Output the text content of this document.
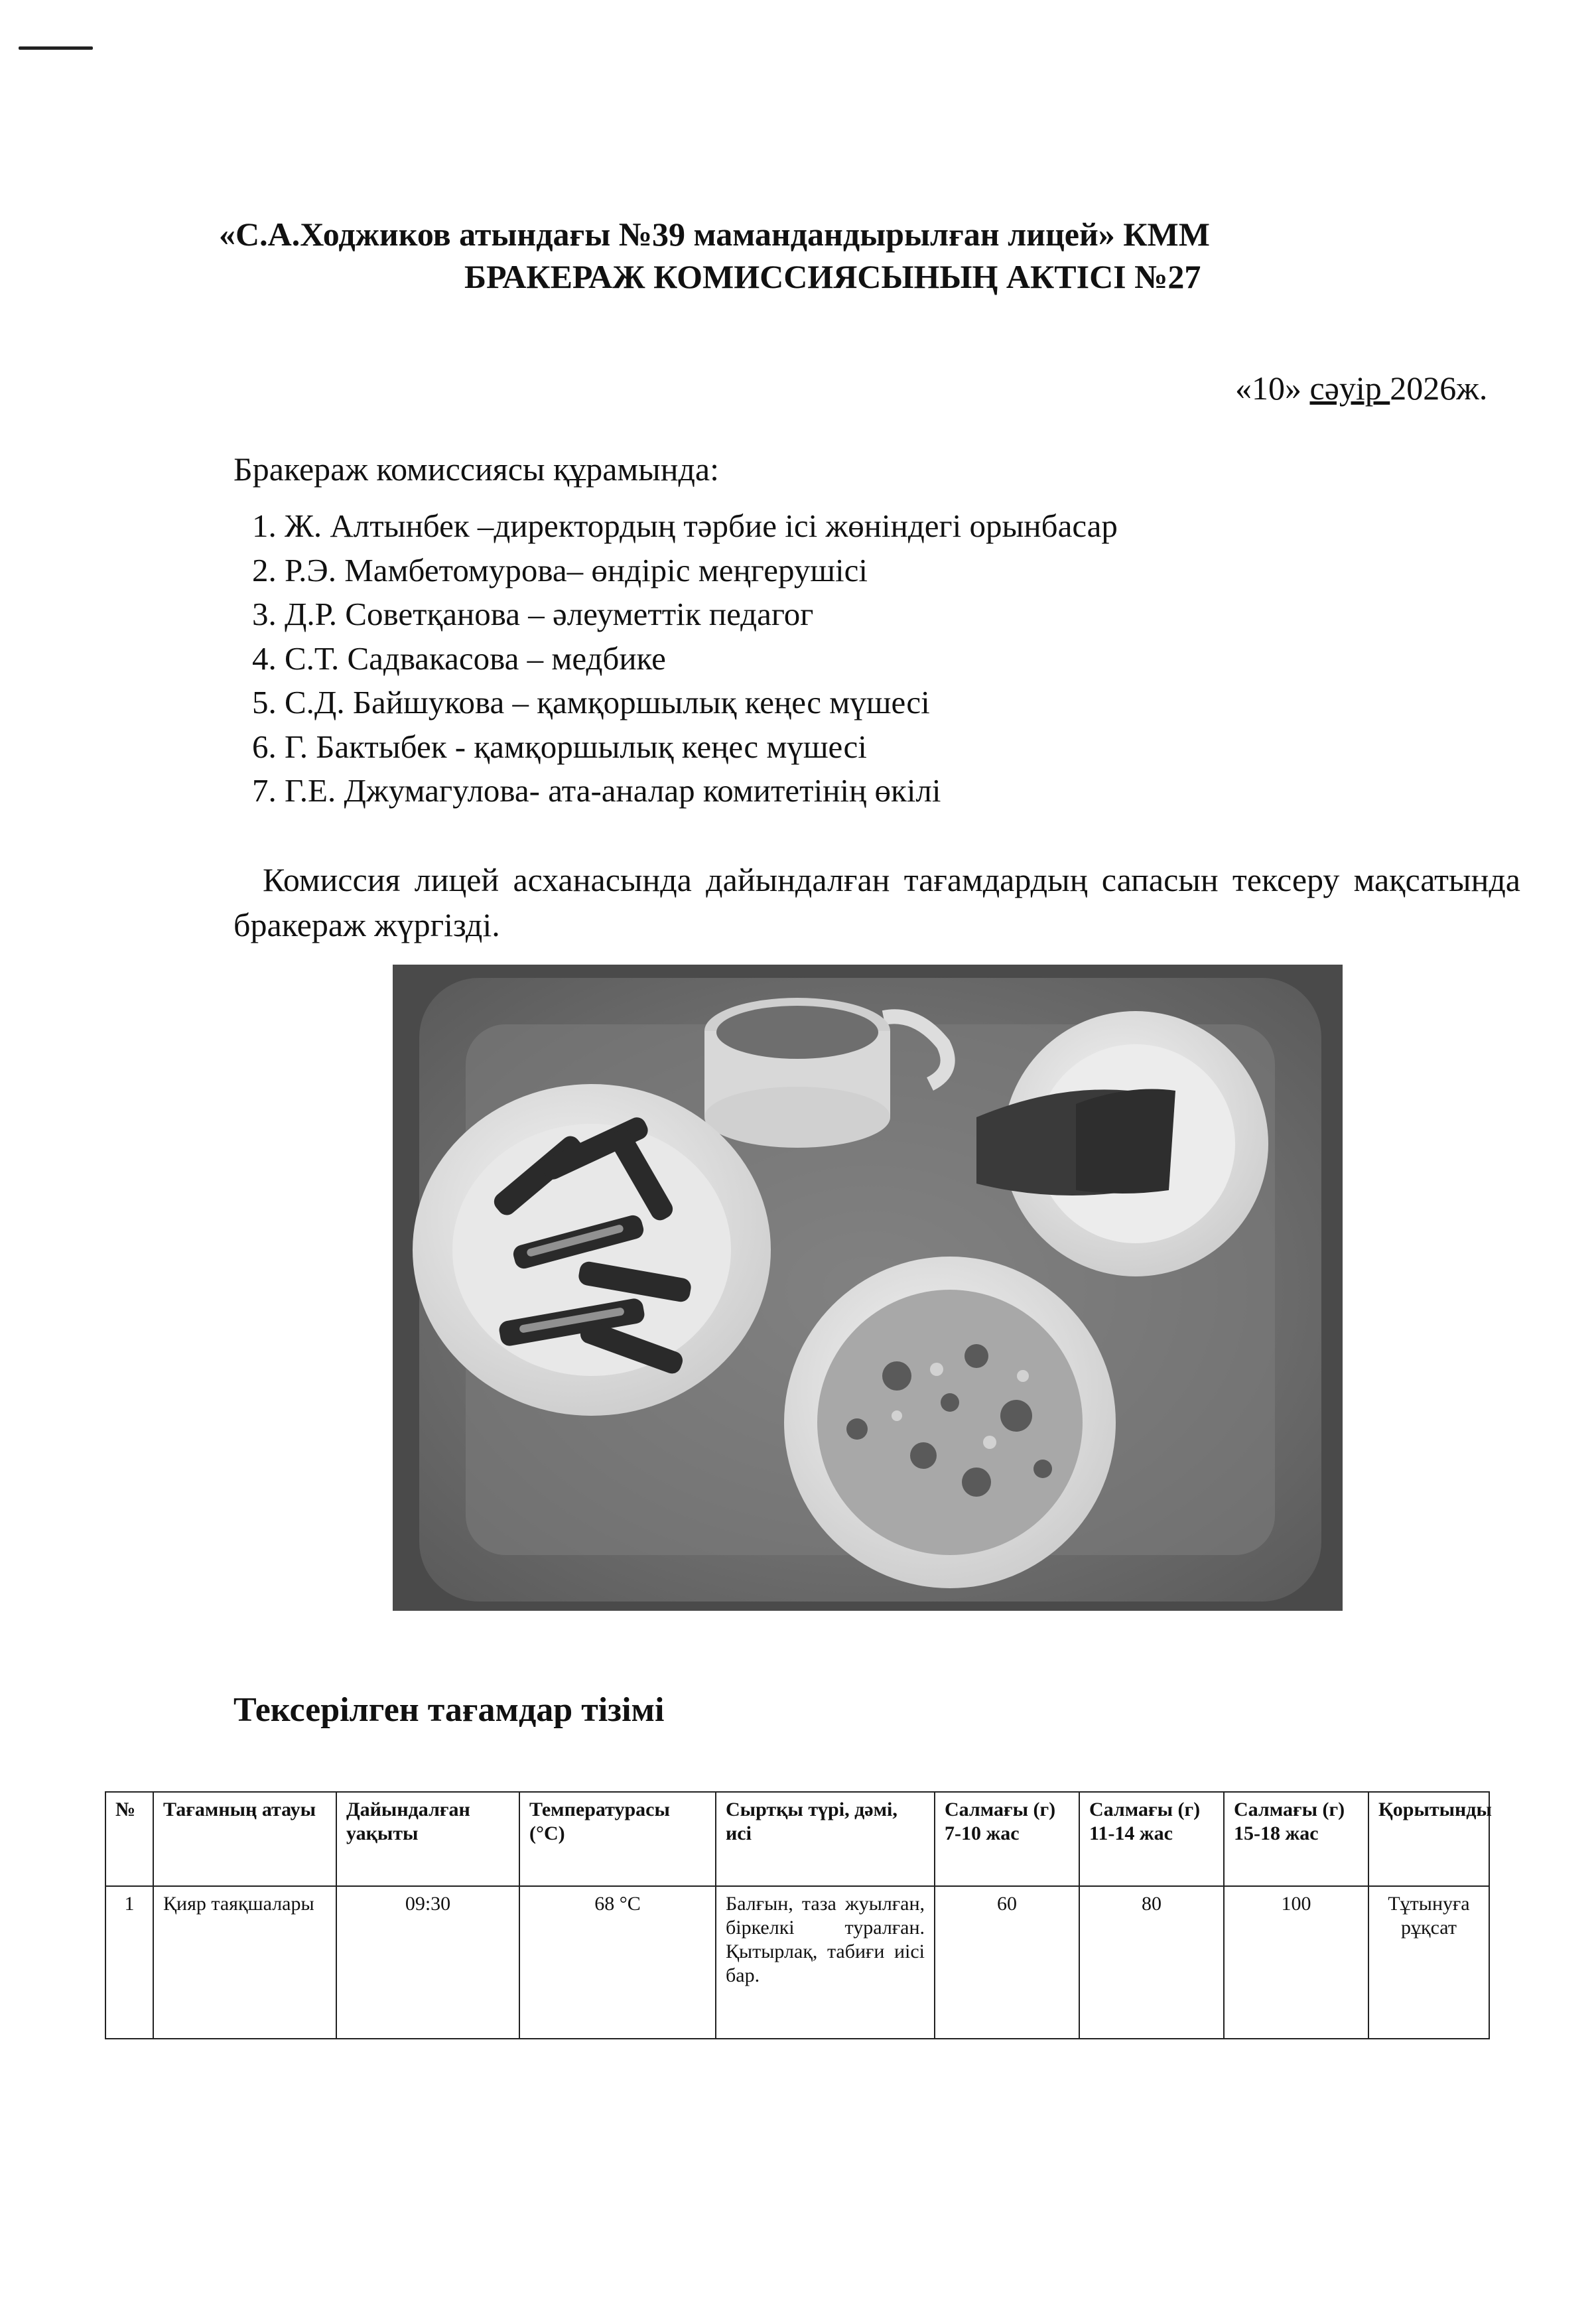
«С.А.Ходжиков атындағы №39 мамандандырылған лицей» КММ
БРАКЕРАЖ КОМИССИЯСЫНЫҢ АКТІСІ №27
«10» сәуір 2026ж.
Бракераж комиссиясы құрамында:
1. Ж. Алтынбек –директордың тәрбие ісі жөніндегі орынбасар
2. Р.Э. Мамбетомурова– өндіріс меңгерушісі
3. Д.Р. Советқанова – әлеуметтік педагог
4. С.Т. Садвакасова – медбике
5. С.Д. Байшукова – қамқоршылық кеңес мүшесі
6. Г. Бактыбек - қамқоршылық кеңес мүшесі
7. Г.Е. Джумагулова- ата-аналар комитетінің өкілі
Комиссия лицей асханасында дайындалған тағамдардың сапасын тексеру мақсатында бракераж жүргізді.
Тексерілген тағамдар тізімі
№	Тағамның атауы	Дайындалған уақыты	Температурасы (°С)	Сыртқы түрі, дәмі, исі	Салмағы (г) 7-10 жас	Салмағы (г) 11-14 жас	Салмағы (г) 15-18 жас	Қорытынды
1	Қияр таяқшалары	09:30	68 °С	Балғын, таза жуылған, біркелкі туралған. Қытырлақ, табиғи иісі бар.	60	80	100	Тұтынуға рұқсат
